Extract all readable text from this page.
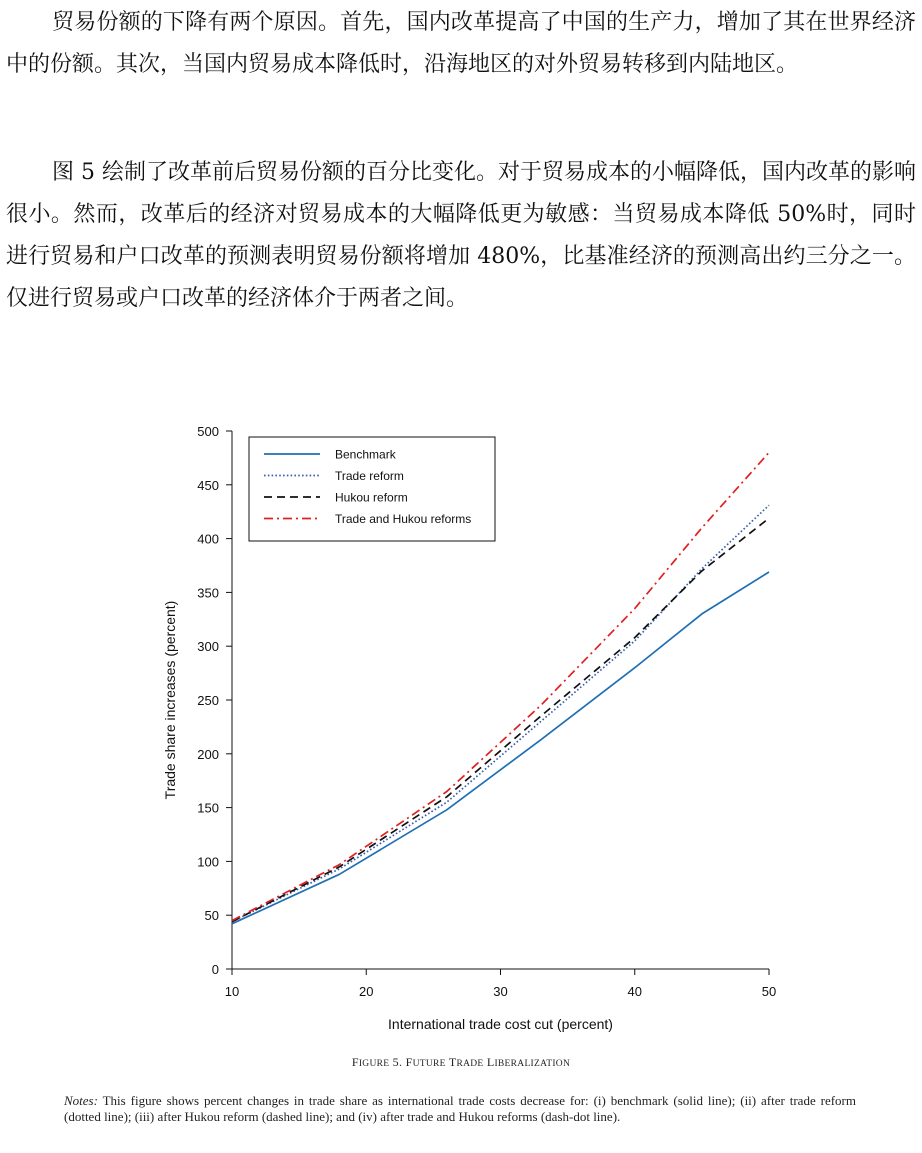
贸易份额的下降有两个原因。首先，国内改革提高了中国的生产力，增加了其在世界经济中的份额。其次，当国内贸易成本降低时，沿海地区的对外贸易转移到内陆地区。

图 5 绘制了改革前后贸易份额的百分比变化。对于贸易成本的小幅降低，国内改革的影响很小。然而，改革后的经济对贸易成本的大幅降低更为敏感：当贸易成本降低 50%时，同时进行贸易和户口改革的预测表明贸易份额将增加 480%，比基准经济的预测高出约三分之一。仅进行贸易或户口改革的经济体介于两者之间。

0
50
100
150
200
250
300
350
400
450
500
10	20	30	40	50
Benchmark
Trade reform
Hukou reform
Trade and Hukou reforms
International trade cost cut (percent)
Trade share increases (percent)
FIGURE 5. FUTURE TRADE LIBERALIZATION

Notes: This figure shows percent changes in trade share as international trade costs decrease for: (i) benchmark (solid line); (ii) after trade reform (dotted line); (iii) after Hukou reform (dashed line); and (iv) after trade and Hukou reforms (dash-dot line).
